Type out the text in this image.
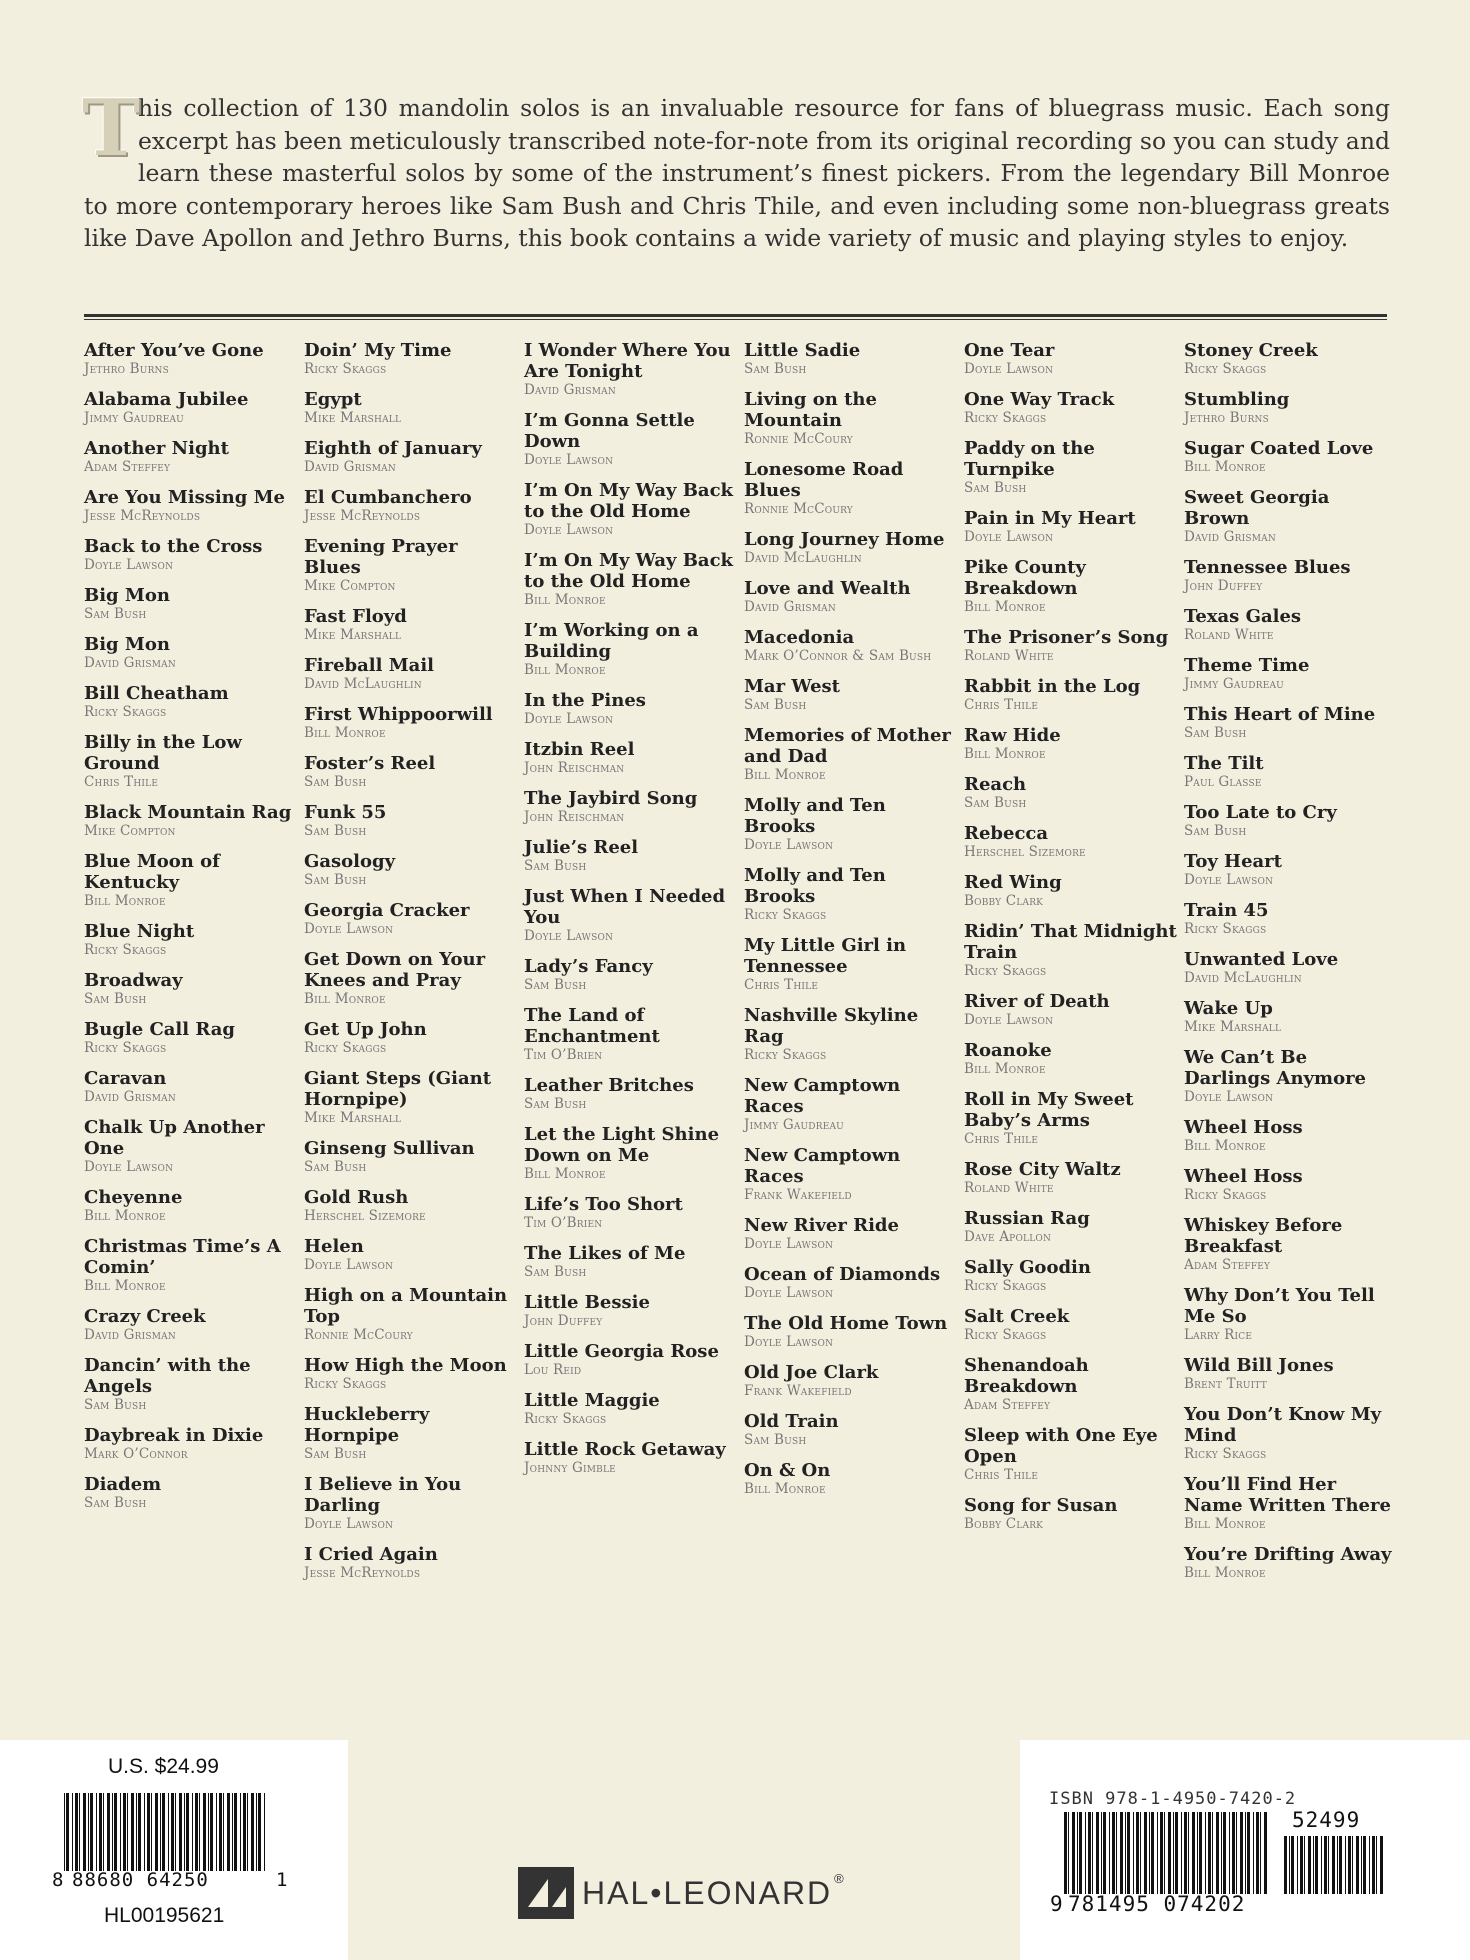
T
his collection of 130 mandolin solos is an invaluable resource for fans of bluegrass music. Each song excerpt has been meticulously transcribed note-for-note from its original recording so you can study and learn these masterful solos by some of the instrument’s finest pickers. From the legendary Bill Monroe to more contemporary heroes like Sam Bush and Chris Thile, and even including some non-bluegrass greats like Dave Apollon and Jethro Burns, this book contains a wide variety of music and playing styles to enjoy.
After You’ve Gone
Jethro Burns
Alabama Jubilee
Jimmy Gaudreau
Another Night
Adam Steffey
Are You Missing Me
Jesse McReynolds
Back to the Cross
Doyle Lawson
Big Mon
Sam Bush
Big Mon
David Grisman
Bill Cheatham
Ricky Skaggs
Billy in the Low Ground
Chris Thile
Black Mountain Rag
Mike Compton
Blue Moon of Kentucky
Bill Monroe
Blue Night
Ricky Skaggs
Broadway
Sam Bush
Bugle Call Rag
Ricky Skaggs
Caravan
David Grisman
Chalk Up Another One
Doyle Lawson
Cheyenne
Bill Monroe
Christmas Time’s A Comin’
Bill Monroe
Crazy Creek
David Grisman
Dancin’ with the Angels
Sam Bush
Daybreak in Dixie
Mark O’Connor
Diadem
Sam Bush
Doin’ My Time
Ricky Skaggs
Egypt
Mike Marshall
Eighth of January
David Grisman
El Cumbanchero
Jesse McReynolds
Evening Prayer Blues
Mike Compton
Fast Floyd
Mike Marshall
Fireball Mail
David McLaughlin
First Whippoorwill
Bill Monroe
Foster’s Reel
Sam Bush
Funk 55
Sam Bush
Gasology
Sam Bush
Georgia Cracker
Doyle Lawson
Get Down on Your Knees and Pray
Bill Monroe
Get Up John
Ricky Skaggs
Giant Steps (Giant Hornpipe)
Mike Marshall
Ginseng Sullivan
Sam Bush
Gold Rush
Herschel Sizemore
Helen
Doyle Lawson
High on a Mountain Top
Ronnie McCoury
How High the Moon
Ricky Skaggs
Huckleberry Hornpipe
Sam Bush
I Believe in You Darling
Doyle Lawson
I Cried Again
Jesse McReynolds
I Wonder Where You Are Tonight
David Grisman
I’m Gonna Settle Down
Doyle Lawson
I’m On My Way Back to the Old Home
Doyle Lawson
I’m On My Way Back to the Old Home
Bill Monroe
I’m Working on a Building
Bill Monroe
In the Pines
Doyle Lawson
Itzbin Reel
John Reischman
The Jaybird Song
John Reischman
Julie’s Reel
Sam Bush
Just When I Needed You
Doyle Lawson
Lady’s Fancy
Sam Bush
The Land of Enchantment
Tim O’Brien
Leather Britches
Sam Bush
Let the Light Shine Down on Me
Bill Monroe
Life’s Too Short
Tim O’Brien
The Likes of Me
Sam Bush
Little Bessie
John Duffey
Little Georgia Rose
Lou Reid
Little Maggie
Ricky Skaggs
Little Rock Getaway
Johnny Gimble
Little Sadie
Sam Bush
Living on the Mountain
Ronnie McCoury
Lonesome Road Blues
Ronnie McCoury
Long Journey Home
David McLaughlin
Love and Wealth
David Grisman
Macedonia
Mark O’Connor & Sam Bush
Mar West
Sam Bush
Memories of Mother and Dad
Bill Monroe
Molly and Ten Brooks
Doyle Lawson
Molly and Ten Brooks
Ricky Skaggs
My Little Girl in Tennessee
Chris Thile
Nashville Skyline Rag
Ricky Skaggs
New Camptown Races
Jimmy Gaudreau
New Camptown Races
Frank Wakefield
New River Ride
Doyle Lawson
Ocean of Diamonds
Doyle Lawson
The Old Home Town
Doyle Lawson
Old Joe Clark
Frank Wakefield
Old Train
Sam Bush
On & On
Bill Monroe
One Tear
Doyle Lawson
One Way Track
Ricky Skaggs
Paddy on the Turnpike
Sam Bush
Pain in My Heart
Doyle Lawson
Pike County Breakdown
Bill Monroe
The Prisoner’s Song
Roland White
Rabbit in the Log
Chris Thile
Raw Hide
Bill Monroe
Reach
Sam Bush
Rebecca
Herschel Sizemore
Red Wing
Bobby Clark
Ridin’ That Midnight Train
Ricky Skaggs
River of Death
Doyle Lawson
Roanoke
Bill Monroe
Roll in My Sweet Baby’s Arms
Chris Thile
Rose City Waltz
Roland White
Russian Rag
Dave Apollon
Sally Goodin
Ricky Skaggs
Salt Creek
Ricky Skaggs
Shenandoah Breakdown
Adam Steffey
Sleep with One Eye Open
Chris Thile
Song for Susan
Bobby Clark
Stoney Creek
Ricky Skaggs
Stumbling
Jethro Burns
Sugar Coated Love
Bill Monroe
Sweet Georgia Brown
David Grisman
Tennessee Blues
John Duffey
Texas Gales
Roland White
Theme Time
Jimmy Gaudreau
This Heart of Mine
Sam Bush
The Tilt
Paul Glasse
Too Late to Cry
Sam Bush
Toy Heart
Doyle Lawson
Train 45
Ricky Skaggs
Unwanted Love
David McLaughlin
Wake Up
Mike Marshall
We Can’t Be Darlings Anymore
Doyle Lawson
Wheel Hoss
Bill Monroe
Wheel Hoss
Ricky Skaggs
Whiskey Before Breakfast
Adam Steffey
Why Don’t You Tell Me So
Larry Rice
Wild Bill Jones
Brent Truitt
You Don’t Know My Mind
Ricky Skaggs
You’ll Find Her Name Written There
Bill Monroe
You’re Drifting Away
Bill Monroe
U.S. $24.99
8 88680 64250	1
HL00195621
HAL•LEONARD ®
ISBN 978-1-4950-7420-2
52499
9 781495 074202
